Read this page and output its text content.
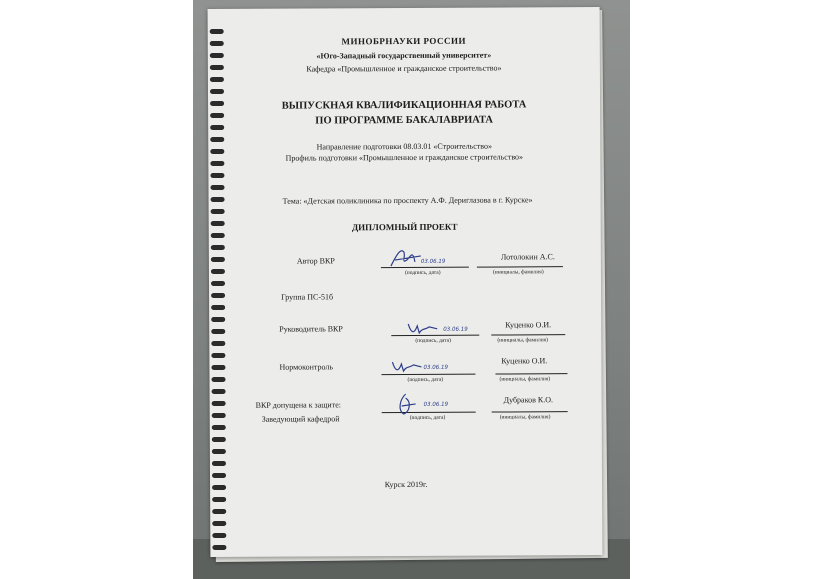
МИНОБРНАУКИ РОССИИ
«Юго-Западный государственный университет»
Кафедра «Промышленное и гражданское строительство»
ВЫПУСКНАЯ КВАЛИФИКАЦИОННАЯ РАБОТА
ПО ПРОГРАММЕ БАКАЛАВРИАТА
Направление подготовки 08.03.01 «Строительство»
Профиль подготовки «Промышленное и гражданское строительство»
Тема: «Детская поликлиника по проспекту А.Ф. Дериглазова в г. Курске»
ДИПЛОМНЫЙ ПРОЕКТ
Автор ВКР
(подпись, дата)
03.06.19
Лотолокин А.С.
(инициалы, фамилия)
Группа ПС-51б
Руководитель ВКР
(подпись, дата)
03.06.19
Куценко О.И.
(инициалы, фамилия)
Нормоконтроль
(подпись, дата)
03.06.19
Куценко О.И.
(инициалы, фамилия)
ВКР допущена к защите:
Заведующий кафедрой	(подпись, дата)
03.06.19
Дубраков К.О.
(инициалы, фамилия)
Курск 2019г.
